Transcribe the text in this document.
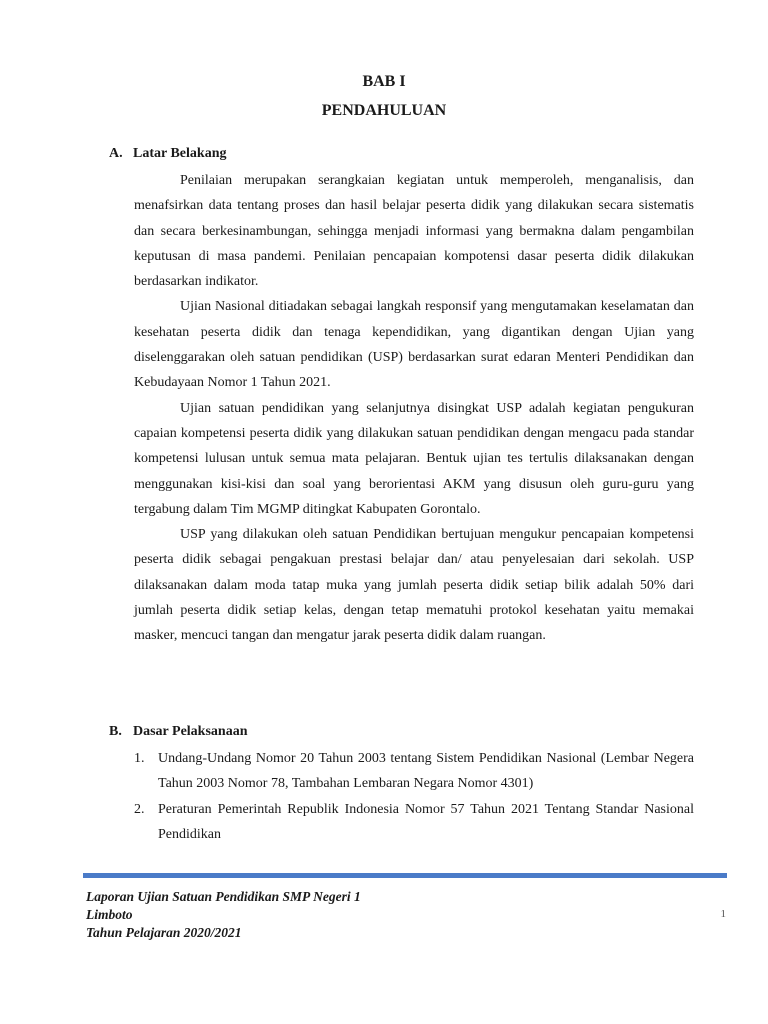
BAB I
PENDAHULUAN
A. Latar Belakang

Penilaian merupakan serangkaian kegiatan untuk memperoleh, menganalisis, dan menafsirkan data tentang proses dan hasil belajar peserta didik yang dilakukan secara sistematis dan secara berkesinambungan, sehingga menjadi informasi yang bermakna dalam pengambilan keputusan di masa pandemi. Penilaian pencapaian kompotensi dasar peserta didik dilakukan berdasarkan indikator.

Ujian Nasional ditiadakan sebagai langkah responsif yang mengutamakan keselamatan dan kesehatan peserta didik dan tenaga kependidikan, yang digantikan dengan Ujian yang diselenggarakan oleh satuan pendidikan (USP) berdasarkan surat edaran Menteri Pendidikan dan Kebudayaan Nomor 1 Tahun 2021.

Ujian satuan pendidikan yang selanjutnya disingkat USP adalah kegiatan pengukuran capaian kompetensi peserta didik yang dilakukan satuan pendidikan dengan mengacu pada standar kompetensi lulusan untuk semua mata pelajaran. Bentuk ujian tes tertulis dilaksanakan dengan menggunakan kisi-kisi dan soal yang berorientasi AKM yang disusun oleh guru-guru yang tergabung dalam Tim MGMP ditingkat Kabupaten Gorontalo.

USP yang dilakukan oleh satuan Pendidikan bertujuan mengukur pencapaian kompetensi peserta didik sebagai pengakuan prestasi belajar dan/ atau penyelesaian dari sekolah. USP dilaksanakan dalam moda tatap muka yang jumlah peserta didik setiap bilik adalah 50% dari jumlah peserta didik setiap kelas, dengan tetap mematuhi protokol kesehatan yaitu memakai masker, mencuci tangan dan mengatur jarak peserta didik dalam ruangan.

B. Dasar Pelaksanaan
1. Undang-Undang Nomor 20 Tahun 2003 tentang Sistem Pendidikan Nasional (Lembar Negera Tahun 2003 Nomor 78, Tambahan Lembaran Negara Nomor 4301)
2. Peraturan Pemerintah Republik Indonesia Nomor 57 Tahun 2021 Tentang Standar Nasional Pendidikan
Laporan Ujian Satuan Pendidikan SMP Negeri 1
Limboto
Tahun Pelajaran 2020/2021
1
